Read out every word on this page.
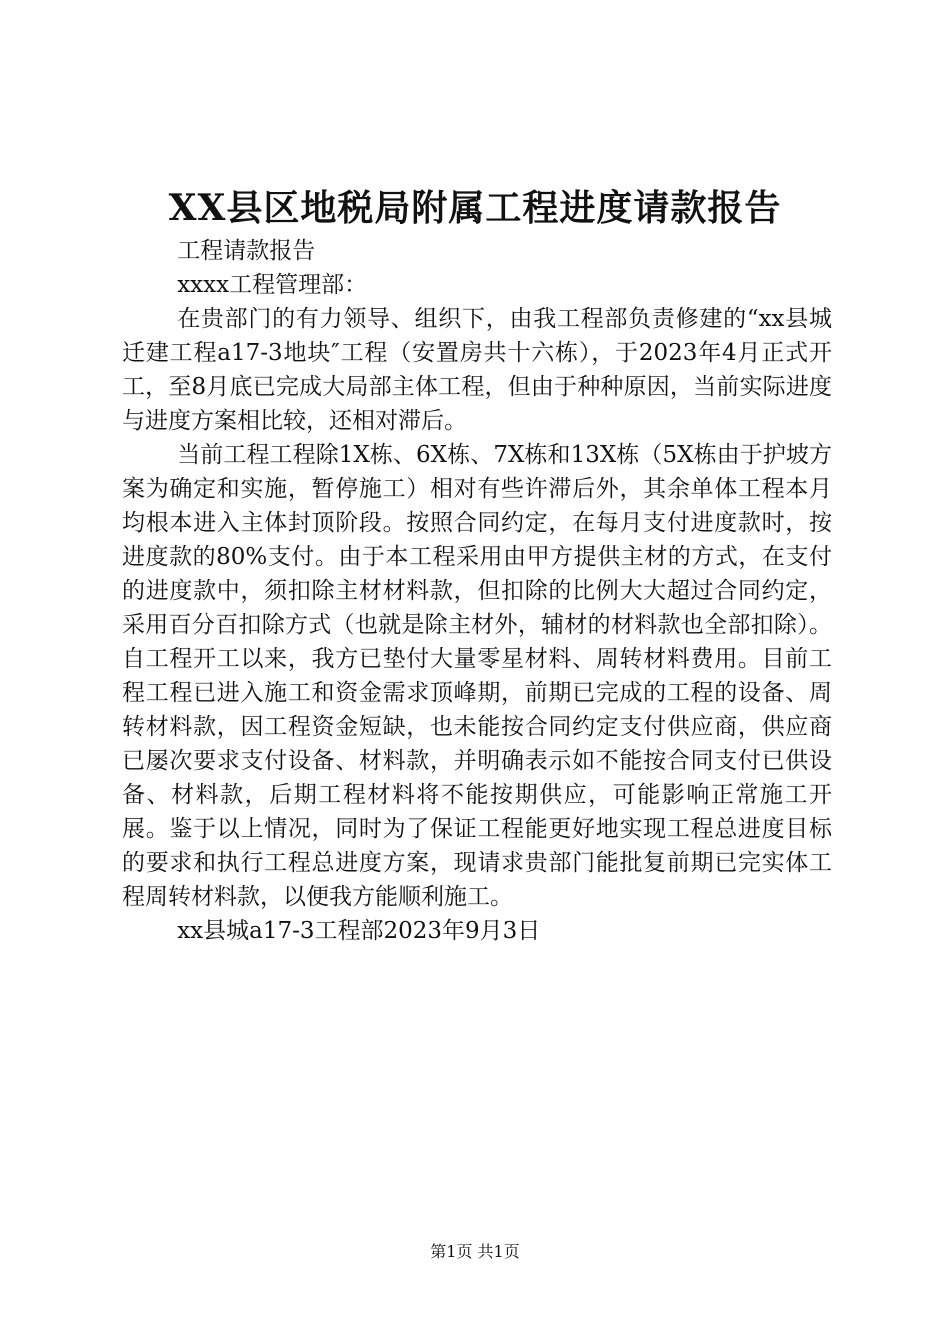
XX县区地税局附属工程进度请款报告

工程请款报告

xxxx工程管理部：

在贵部门的有力领导、组织下，由我工程部负责修建的“xx县城迁建工程a17-3地块″工程（安置房共十六栋），于2023年4月正式开工，至8月底已完成大局部主体工程，但由于种种原因，当前实际进度与进度方案相比较，还相对滞后。

当前工程工程除1X栋、6X栋、7X栋和13X栋（5X栋由于护坡方案为确定和实施，暂停施工）相对有些许滞后外，其余单体工程本月均根本进入主体封顶阶段。按照合同约定，在每月支付进度款时，按进度款的80%支付。由于本工程采用由甲方提供主材的方式，在支付的进度款中，须扣除主材材料款，但扣除的比例大大超过合同约定，采用百分百扣除方式（也就是除主材外，辅材的材料款也全部扣除）。自工程开工以来，我方已垫付大量零星材料、周转材料费用。目前工程工程已进入施工和资金需求顶峰期，前期已完成的工程的设备、周转材料款，因工程资金短缺，也未能按合同约定支付供应商，供应商已屡次要求支付设备、材料款，并明确表示如不能按合同支付已供设备、材料款，后期工程材料将不能按期供应，可能影响正常施工开展。鉴于以上情况，同时为了保证工程能更好地实现工程总进度目标的要求和执行工程总进度方案，现请求贵部门能批复前期已完实体工程周转材料款，以便我方能顺利施工。

xx县城a17-3工程部2023年9月3日

第1页 共1页
